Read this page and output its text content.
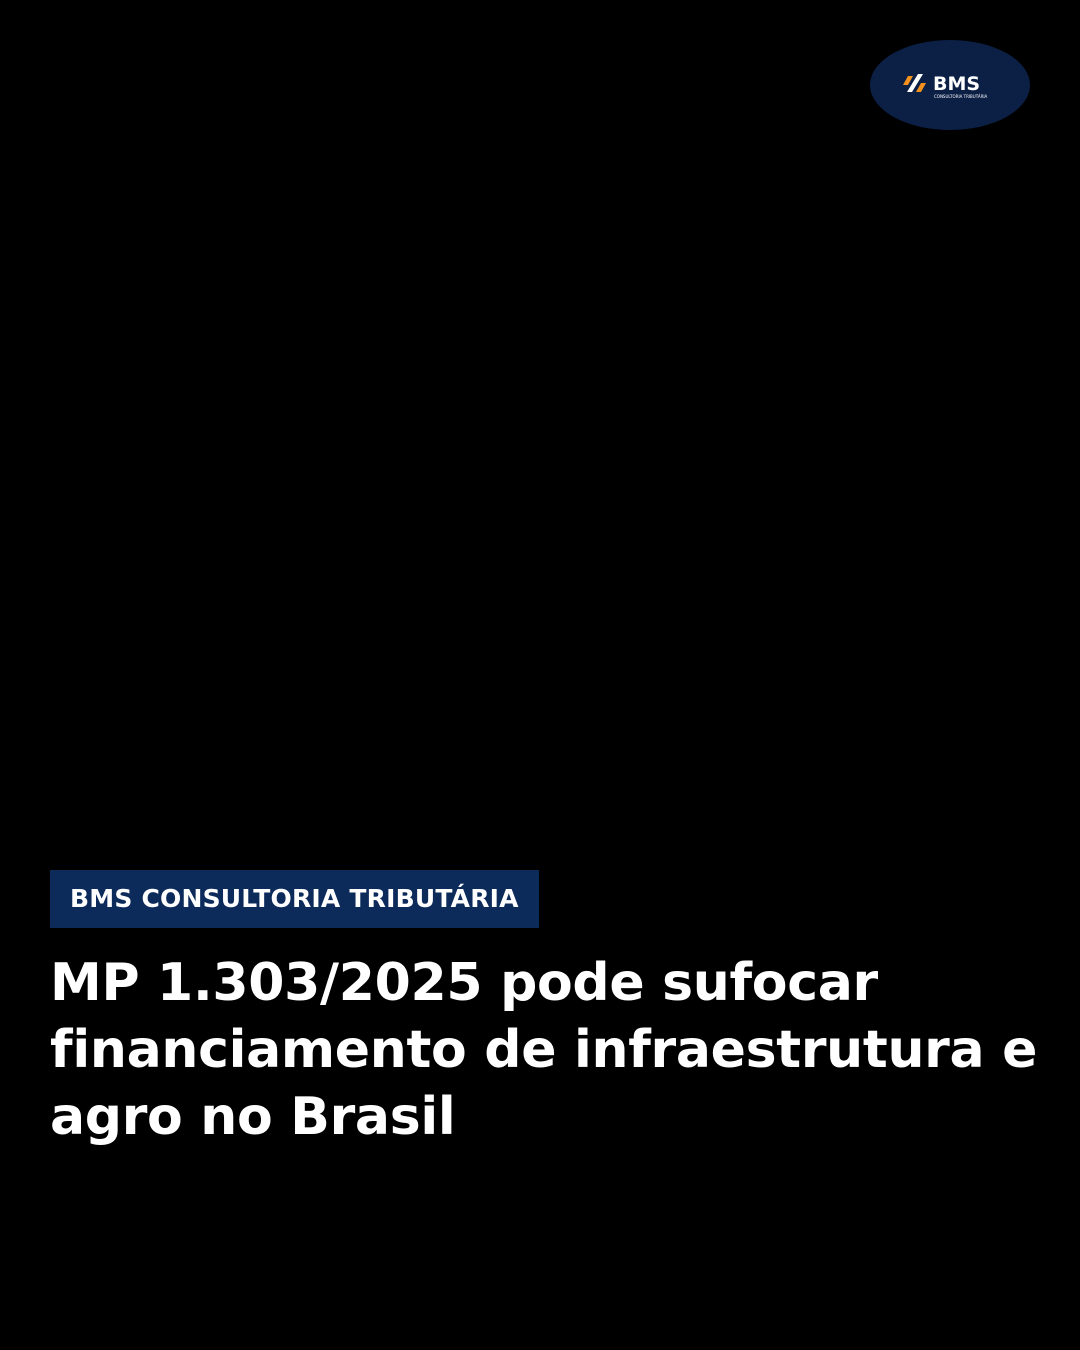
BMS
CONSULTORIA TRIBUTÁRIA
BMS CONSULTORIA TRIBUTÁRIA
MP 1.303/2025 pode sufocar financiamento de infraestrutura e agro no Brasil
